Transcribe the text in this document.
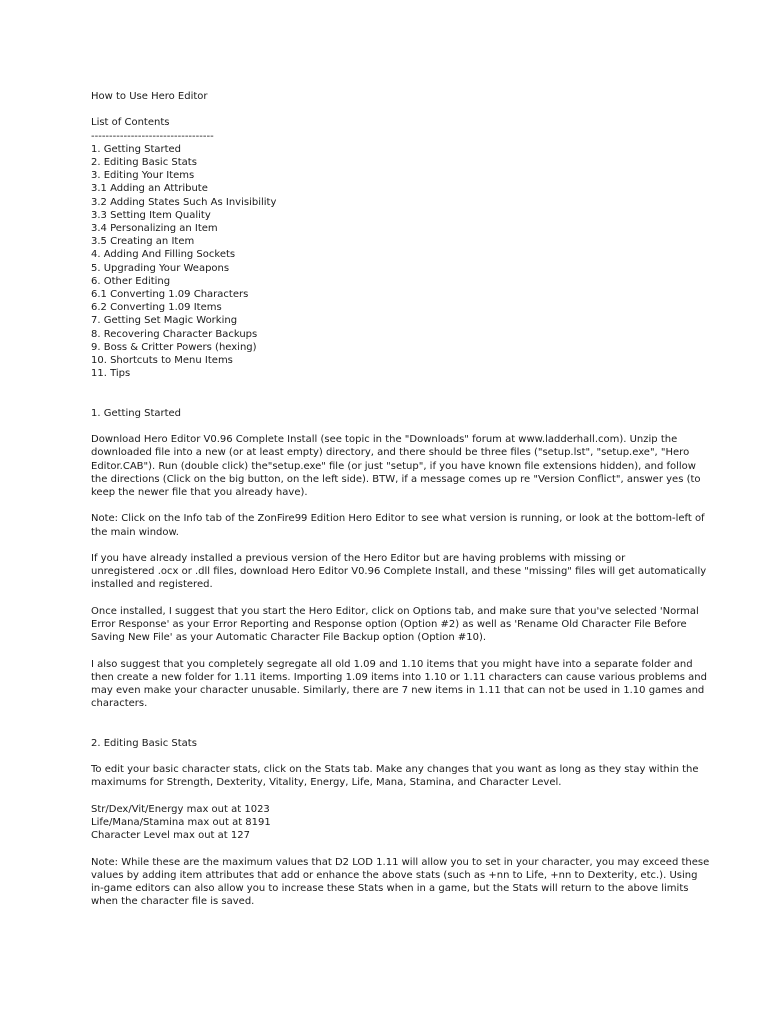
How to Use Hero Editor
List of Contents
----------------------------------
1. Getting Started
2. Editing Basic Stats
3. Editing Your Items
3.1 Adding an Attribute
3.2 Adding States Such As Invisibility
3.3 Setting Item Quality
3.4 Personalizing an Item
3.5 Creating an Item
4. Adding And Filling Sockets
5. Upgrading Your Weapons
6. Other Editing
6.1 Converting 1.09 Characters
6.2 Converting 1.09 Items
7. Getting Set Magic Working
8. Recovering Character Backups
9. Boss & Critter Powers (hexing)
10. Shortcuts to Menu Items
11. Tips
1. Getting Started
Download Hero Editor V0.96 Complete Install (see topic in the "Downloads" forum at www.ladderhall.com). Unzip the
downloaded file into a new (or at least empty) directory, and there should be three files ("setup.lst", "setup.exe", "Hero
Editor.CAB"). Run (double click) the"setup.exe" file (or just "setup", if you have known file extensions hidden), and follow
the directions (Click on the big button, on the left side). BTW, if a message comes up re "Version Conflict", answer yes (to
keep the newer file that you already have).
Note: Click on the Info tab of the ZonFire99 Edition Hero Editor to see what version is running, or look at the bottom-left of
the main window.
If you have already installed a previous version of the Hero Editor but are having problems with missing or
unregistered .ocx or .dll files, download Hero Editor V0.96 Complete Install, and these "missing" files will get automatically
installed and registered.
Once installed, I suggest that you start the Hero Editor, click on Options tab, and make sure that you've selected 'Normal
Error Response' as your Error Reporting and Response option (Option #2) as well as 'Rename Old Character File Before
Saving New File' as your Automatic Character File Backup option (Option #10).
I also suggest that you completely segregate all old 1.09 and 1.10 items that you might have into a separate folder and
then create a new folder for 1.11 items. Importing 1.09 items into 1.10 or 1.11 characters can cause various problems and
may even make your character unusable. Similarly, there are 7 new items in 1.11 that can not be used in 1.10 games and
characters.
2. Editing Basic Stats
To edit your basic character stats, click on the Stats tab. Make any changes that you want as long as they stay within the
maximums for Strength, Dexterity, Vitality, Energy, Life, Mana, Stamina, and Character Level.
Str/Dex/Vit/Energy max out at 1023
Life/Mana/Stamina max out at 8191
Character Level max out at 127
Note: While these are the maximum values that D2 LOD 1.11 will allow you to set in your character, you may exceed these
values by adding item attributes that add or enhance the above stats (such as +nn to Life, +nn to Dexterity, etc.). Using
in-game editors can also allow you to increase these Stats when in a game, but the Stats will return to the above limits
when the character file is saved.
